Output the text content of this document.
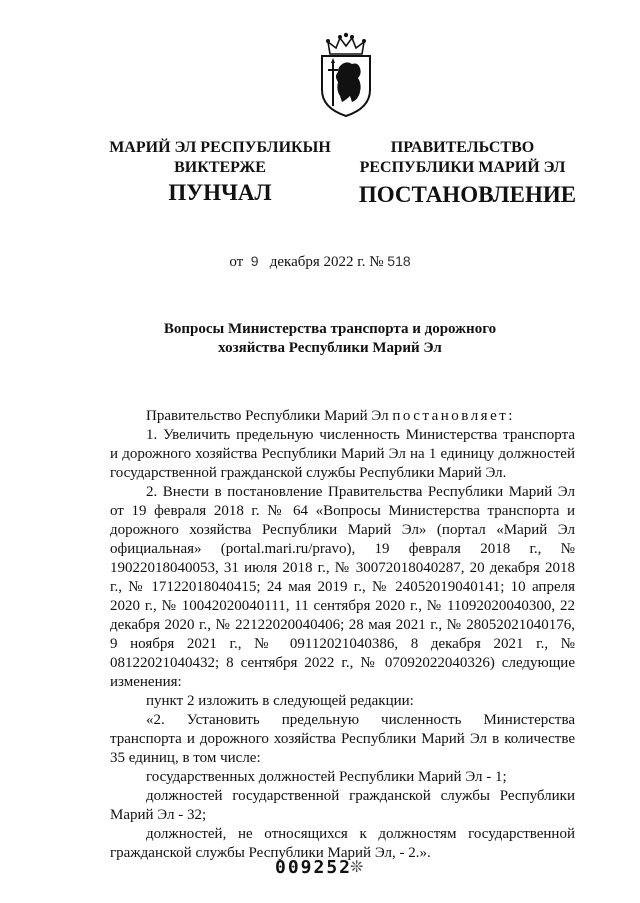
МАРИЙ ЭЛ РЕСПУБЛИКЫН
ВИКТЕРЖЕ
ПРАВИТЕЛЬСТВО
РЕСПУБЛИКИ МАРИЙ ЭЛ
ПУНЧАЛ	ПОСТАНОВЛЕНИЕ
от 9 декабря 2022 г. № 518
Вопросы Министерства транспорта и дорожного
хозяйства Республики Марий Эл

Правительство Республики Марий Эл постановляет:

1. Увеличить предельную численность Министерства транспорта и дорожного хозяйства Республики Марий Эл на 1 единицу должностей государственной гражданской службы Республики Марий Эл.

2. Внести в постановление Правительства Республики Марий Эл от 19 февраля 2018 г. № 64 «Вопросы Министерства транспорта и дорожного хозяйства Республики Марий Эл» (портал «Марий Эл официальная» (portal.mari.ru/pravo), 19 февраля 2018 г., № 19022018040053, 31 июля 2018 г., № 30072018040287, 20 декабря 2018 г., № 17122018040415; 24 мая 2019 г., № 24052019040141; 10 апреля 2020 г., № 10042020040111, 11 сентября 2020 г., № 11092020040300, 22 декабря 2020 г., № 22122020040406; 28 мая 2021 г., № 28052021040176, 9 ноября 2021 г., № 09112021040386, 8 декабря 2021 г., № 08122021040432; 8 сентября 2022 г., № 07092022040326) следующие изменения:

пункт 2 изложить в следующей редакции:

«2. Установить предельную численность Министерства транспорта и дорожного хозяйства Республики Марий Эл в количестве 35 единиц, в том числе:

государственных должностей Республики Марий Эл - 1;

должностей государственной гражданской службы Республики Марий Эл - 32;

должностей, не относящихся к должностям государственной гражданской службы Республики Марий Эл, - 2.».

009252
❊
